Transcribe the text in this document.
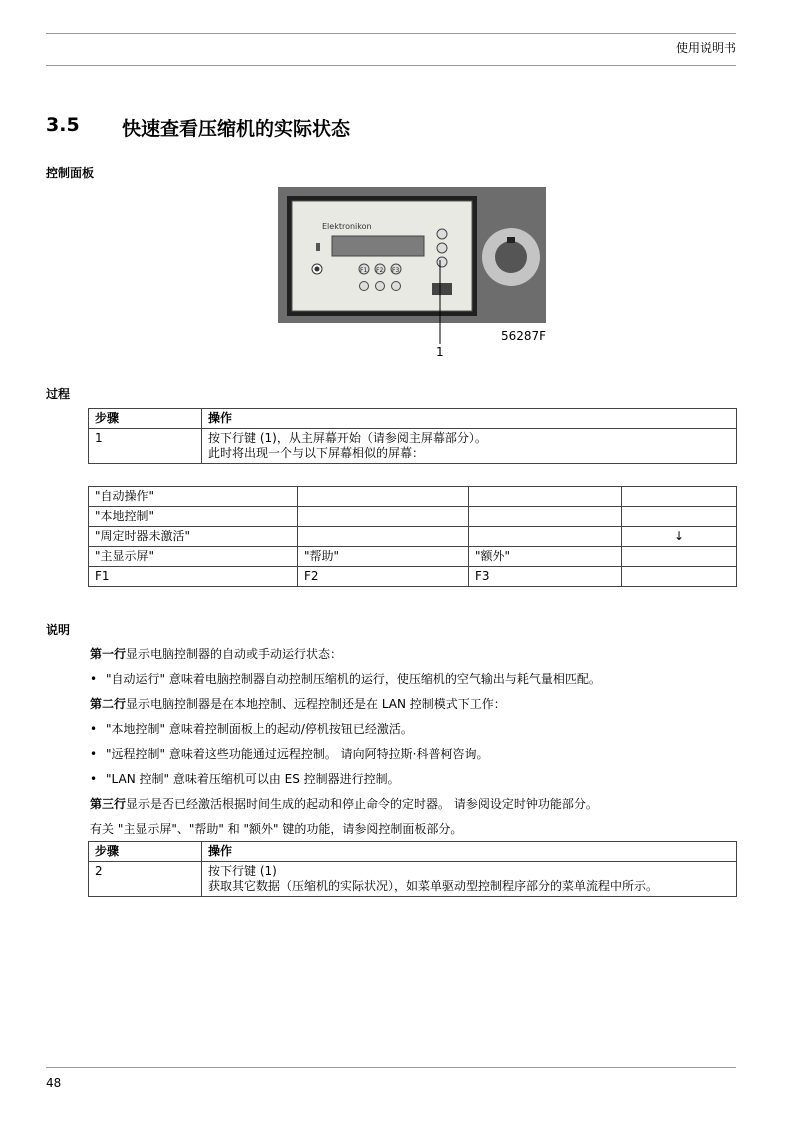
使用说明书
3.5 快速查看压缩机的实际状态
控制面板
Elektronikon
F1 F2 F3
1
56287F
过程
步骤	操作
1	按下行键 (1)，从主屏幕开始（请参阅主屏幕部分）。
此时将出现一个与以下屏幕相似的屏幕：
"自动操作"			
"本地控制"			
"周定时器未激活"			↓
"主显示屏"	"帮助"	"额外"	
F1	F2	F3	
说明
第一行显示电脑控制器的自动或手动运行状态：
• "自动运行" 意味着电脑控制器自动控制压缩机的运行，使压缩机的空气输出与耗气量相匹配。
第二行显示电脑控制器是在本地控制、远程控制还是在 LAN 控制模式下工作：
• "本地控制" 意味着控制面板上的起动/停机按钮已经激活。
• "远程控制" 意味着这些功能通过远程控制。 请向阿特拉斯·科普柯咨询。
• "LAN 控制" 意味着压缩机可以由 ES 控制器进行控制。
第三行显示是否已经激活根据时间生成的起动和停止命令的定时器。 请参阅设定时钟功能部分。
有关 "主显示屏"、"帮助" 和 "额外" 键的功能，请参阅控制面板部分。
步骤	操作
2	按下行键 (1)
获取其它数据（压缩机的实际状况），如菜单驱动型控制程序部分的菜单流程中所示。
48
